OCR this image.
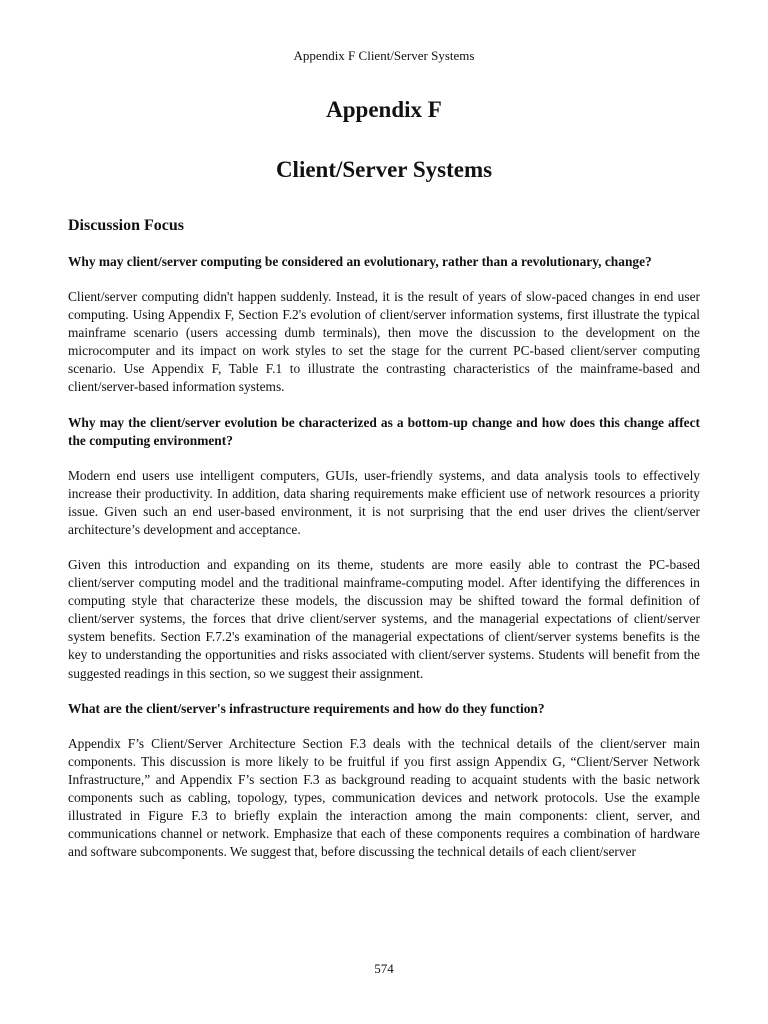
Appendix F Client/Server Systems
Appendix F
Client/Server Systems
Discussion Focus

Why may client/server computing be considered an evolutionary, rather than a revolutionary, change?

Client/server computing didn't happen suddenly. Instead, it is the result of years of slow-paced changes in end user computing. Using Appendix F, Section F.2's evolution of client/server information systems, first illustrate the typical mainframe scenario (users accessing dumb terminals), then move the discussion to the development on the microcomputer and its impact on work styles to set the stage for the current PC-based client/server computing scenario. Use Appendix F, Table F.1 to illustrate the contrasting characteristics of the mainframe-based and client/server-based information systems.

Why may the client/server evolution be characterized as a bottom-up change and how does this change affect the computing environment?

Modern end users use intelligent computers, GUIs, user-friendly systems, and data analysis tools to effectively increase their productivity. In addition, data sharing requirements make efficient use of network resources a priority issue. Given such an end user-based environment, it is not surprising that the end user drives the client/server architecture’s development and acceptance.

Given this introduction and expanding on its theme, students are more easily able to contrast the PC-based client/server computing model and the traditional mainframe-computing model. After identifying the differences in computing style that characterize these models, the discussion may be shifted toward the formal definition of client/server systems, the forces that drive client/server systems, and the managerial expectations of client/server system benefits. Section F.7.2's examination of the managerial expectations of client/server systems benefits is the key to understanding the opportunities and risks associated with client/server systems. Students will benefit from the suggested readings in this section, so we suggest their assignment.

What are the client/server's infrastructure requirements and how do they function?

Appendix F’s Client/Server Architecture Section F.3 deals with the technical details of the client/server main components. This discussion is more likely to be fruitful if you first assign Appendix G, “Client/Server Network Infrastructure,” and Appendix F’s section F.3 as background reading to acquaint students with the basic network components such as cabling, topology, types, communication devices and network protocols. Use the example illustrated in Figure F.3 to briefly explain the interaction among the main components: client, server, and communications channel or network. Emphasize that each of these components requires a combination of hardware and software subcomponents. We suggest that, before discussing the technical details of each client/server

574
